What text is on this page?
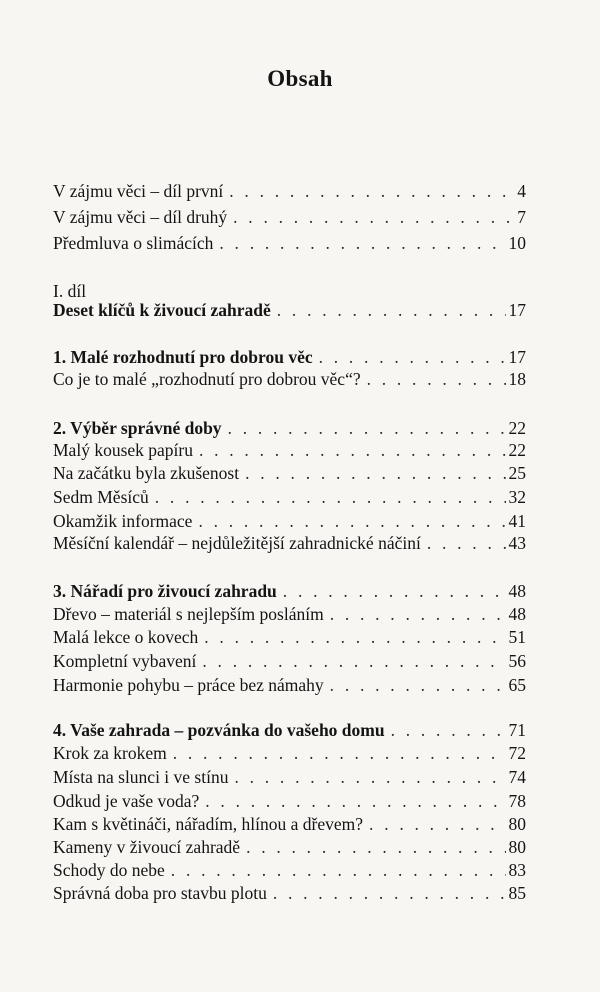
Obsah
V zájmu věci – díl první . . .	4
V zájmu věci – díl druhý . . .	7
Předmluva o slimácích . . .	10
I. díl
Deset klíčů k živoucí zahradě . . .	17
1. Malé rozhodnutí pro dobrou věc . . .	17
Co je to malé „rozhodnutí pro dobrou věc“? . . .	18
2. Výběr správné doby . . .	22
Malý kousek papíru . . .	22
Na začátku byla zkušenost . . .	25
Sedm Měsíců . . .	32
Okamžik informace . . .	41
Měsíční kalendář – nejdůležitější zahradnické náčiní . . .	43
3. Nářadí pro živoucí zahradu . . .	48
Dřevo – materiál s nejlepším posláním . . .	48
Malá lekce o kovech . . .	51
Kompletní vybavení . . .	56
Harmonie pohybu – práce bez námahy . . .	65
4. Vaše zahrada – pozvánka do vašeho domu . . .	71
Krok za krokem . . .	72
Místa na slunci i ve stínu . . .	74
Odkud je vaše voda? . . .	78
Kam s květináči, nářadím, hlínou a dřevem? . . .	80
Kameny v živoucí zahradě . . .	80
Schody do nebe . . .	83
Správná doba pro stavbu plotu . . .	85
